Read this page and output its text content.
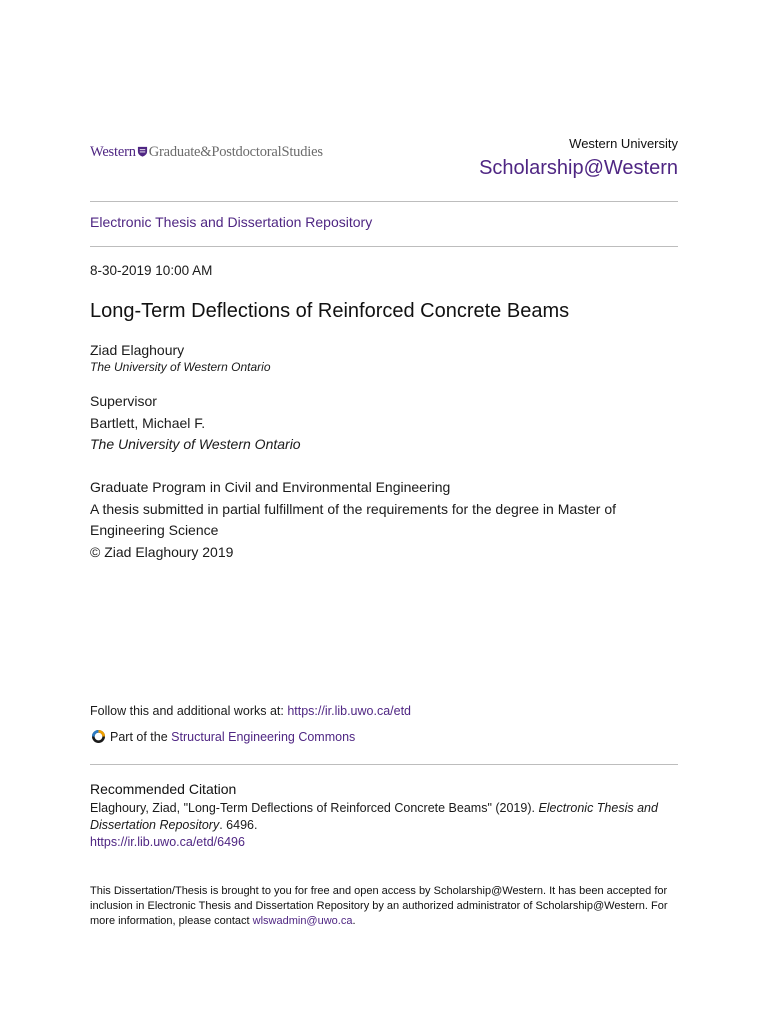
Western Graduate&PostdoctoralStudies
Western University
Scholarship@Western
Electronic Thesis and Dissertation Repository
8-30-2019 10:00 AM
Long-Term Deflections of Reinforced Concrete Beams
Ziad Elaghoury
The University of Western Ontario
Supervisor
Bartlett, Michael F.
The University of Western Ontario
Graduate Program in Civil and Environmental Engineering
A thesis submitted in partial fulfillment of the requirements for the degree in Master of Engineering Science
© Ziad Elaghoury 2019
Follow this and additional works at: https://ir.lib.uwo.ca/etd
Part of the
Structural Engineering Commons
Recommended Citation
Elaghoury, Ziad, "Long-Term Deflections of Reinforced Concrete Beams" (2019). Electronic Thesis and Dissertation Repository. 6496.
https://ir.lib.uwo.ca/etd/6496
This Dissertation/Thesis is brought to you for free and open access by Scholarship@Western. It has been accepted for inclusion in Electronic Thesis and Dissertation Repository by an authorized administrator of Scholarship@Western. For more information, please contact wlswadmin@uwo.ca.
